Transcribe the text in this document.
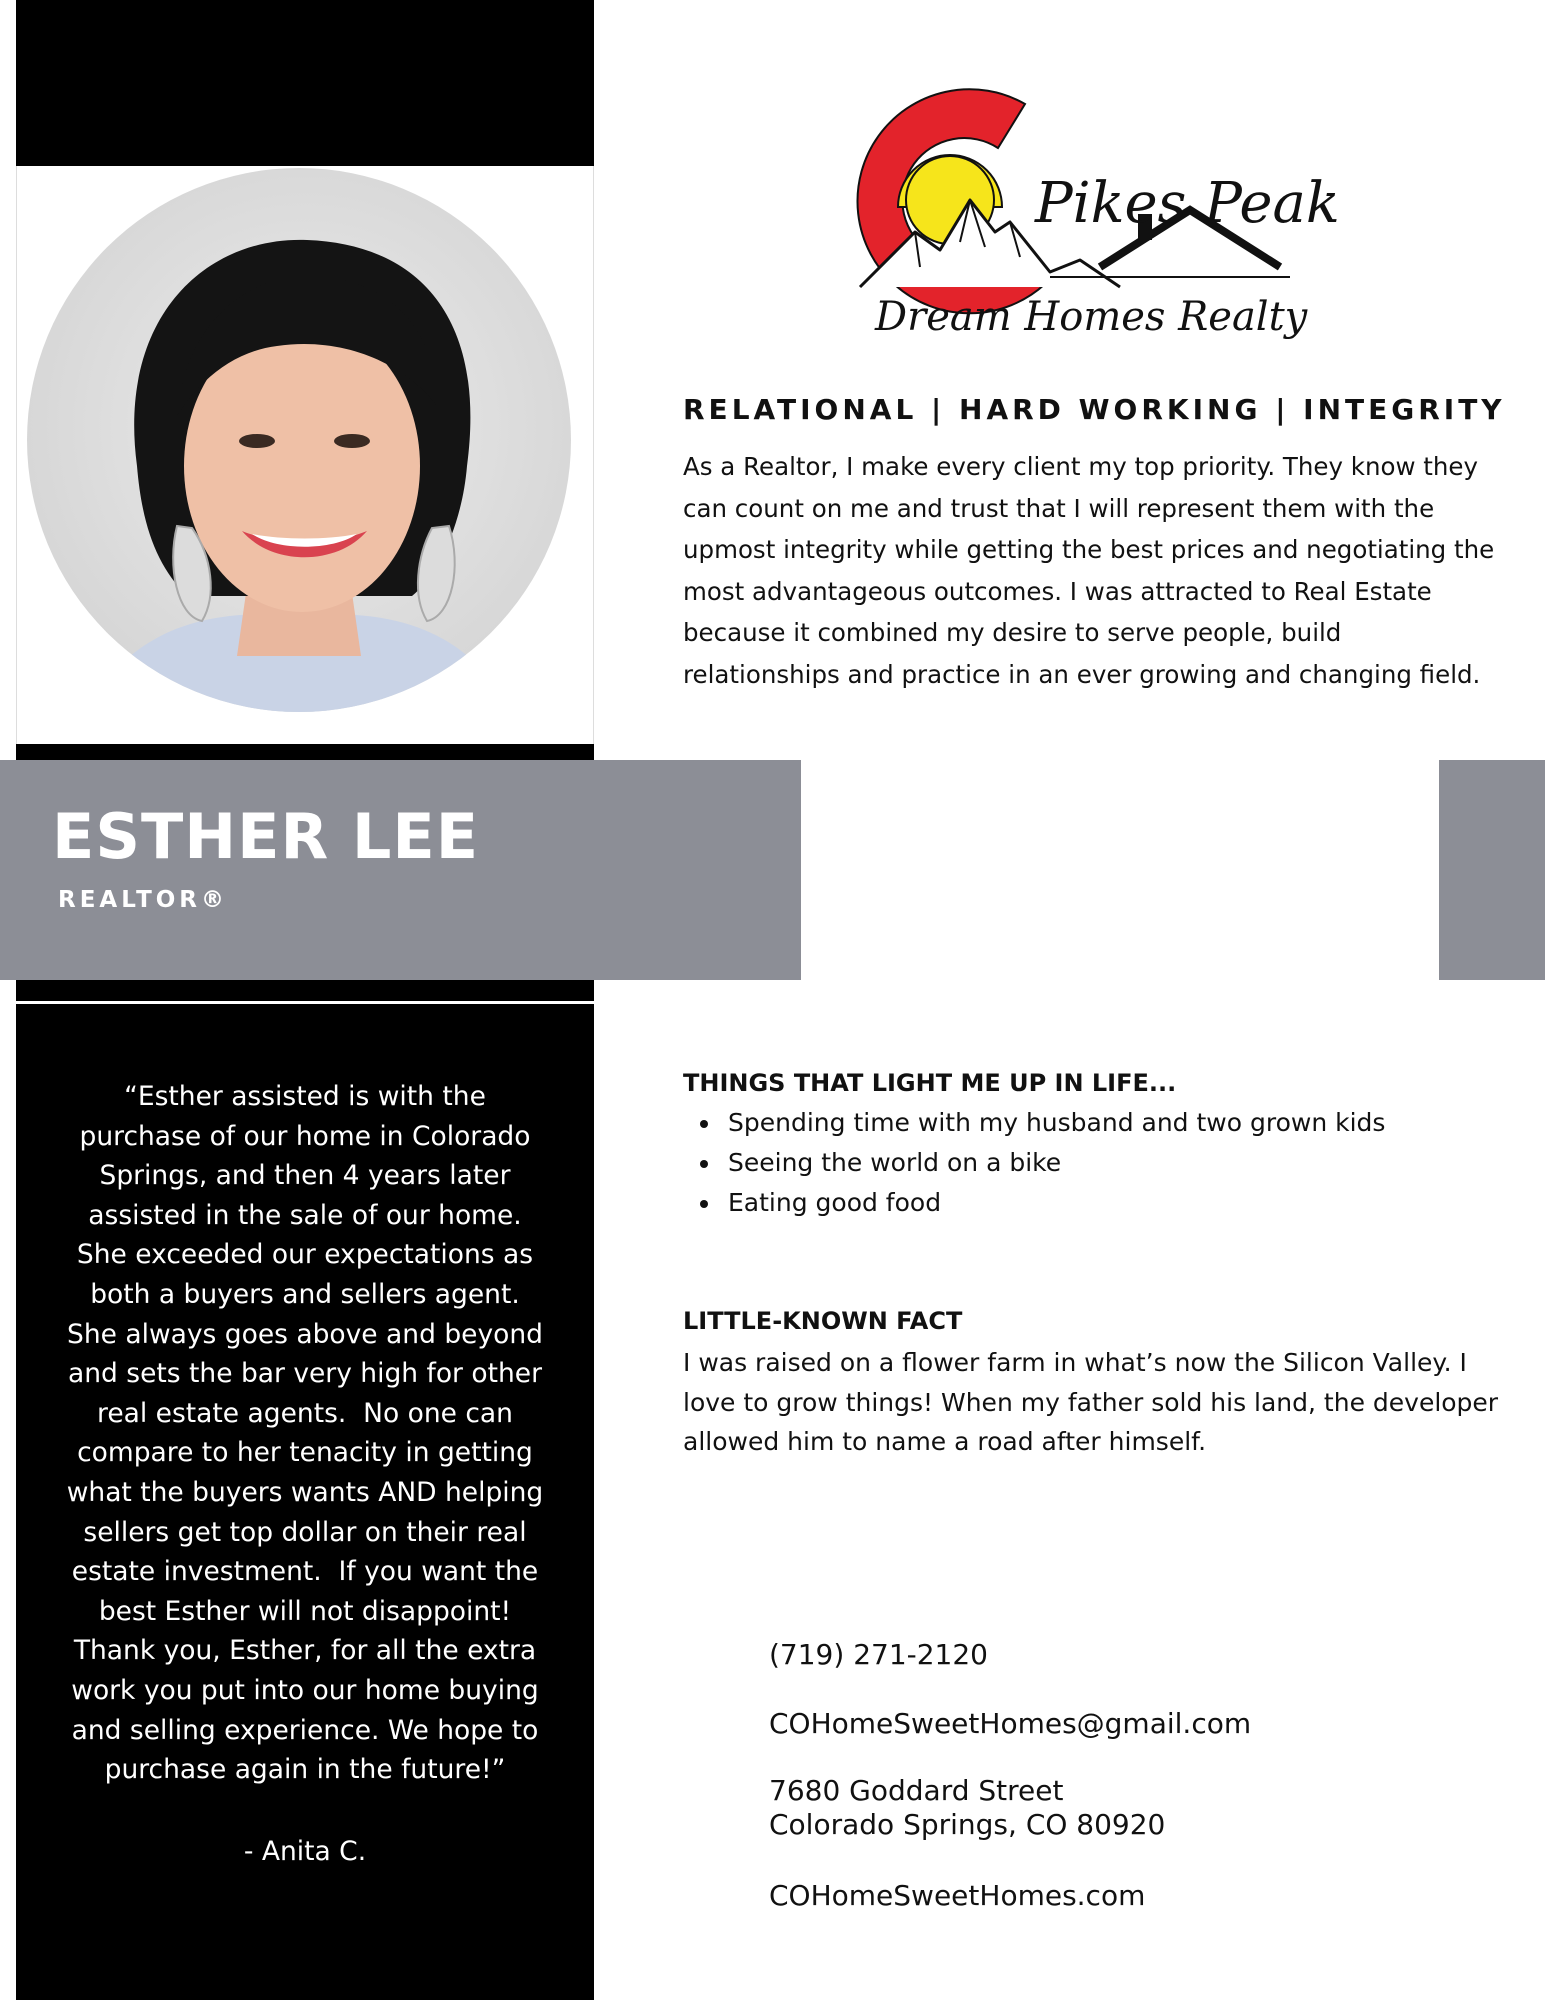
ESTHER LEE
REALTOR®
“Esther assisted is with the
purchase of our home in Colorado
Springs, and then 4 years later
assisted in the sale of our home.
She exceeded our expectations as
both a buyers and sellers agent.
She always goes above and beyond
and sets the bar very high for other
real estate agents.  No one can
compare to her tenacity in getting
what the buyers wants AND helping
sellers get top dollar on their real
estate investment.  If you want the
best Esther will not disappoint!
Thank you, Esther, for all the extra
work you put into our home buying
and selling experience. We hope to
purchase again in the future!”
- Anita C.
Pikes Peak
Dream Homes Realty
RELATIONAL | HARD WORKING | INTEGRITY
As a Realtor, I make every client my top priority. They know they can count on me and trust that I will represent them with the upmost integrity while getting the best prices and negotiating the most advantageous outcomes. I was attracted to Real Estate because it combined my desire to serve people, build relationships and practice in an ever growing and changing field.
THINGS THAT LIGHT ME UP IN LIFE...
Spending time with my husband and two grown kids
Seeing the world on a bike
Eating good food
LITTLE-KNOWN FACT
I was raised on a flower farm in what’s now the Silicon Valley. I love to grow things! When my father sold his land, the developer allowed him to name a road after himself.
(719) 271-2120
COHomeSweetHomes@gmail.com
7680 Goddard Street
Colorado Springs, CO 80920
COHomeSweetHomes.com
